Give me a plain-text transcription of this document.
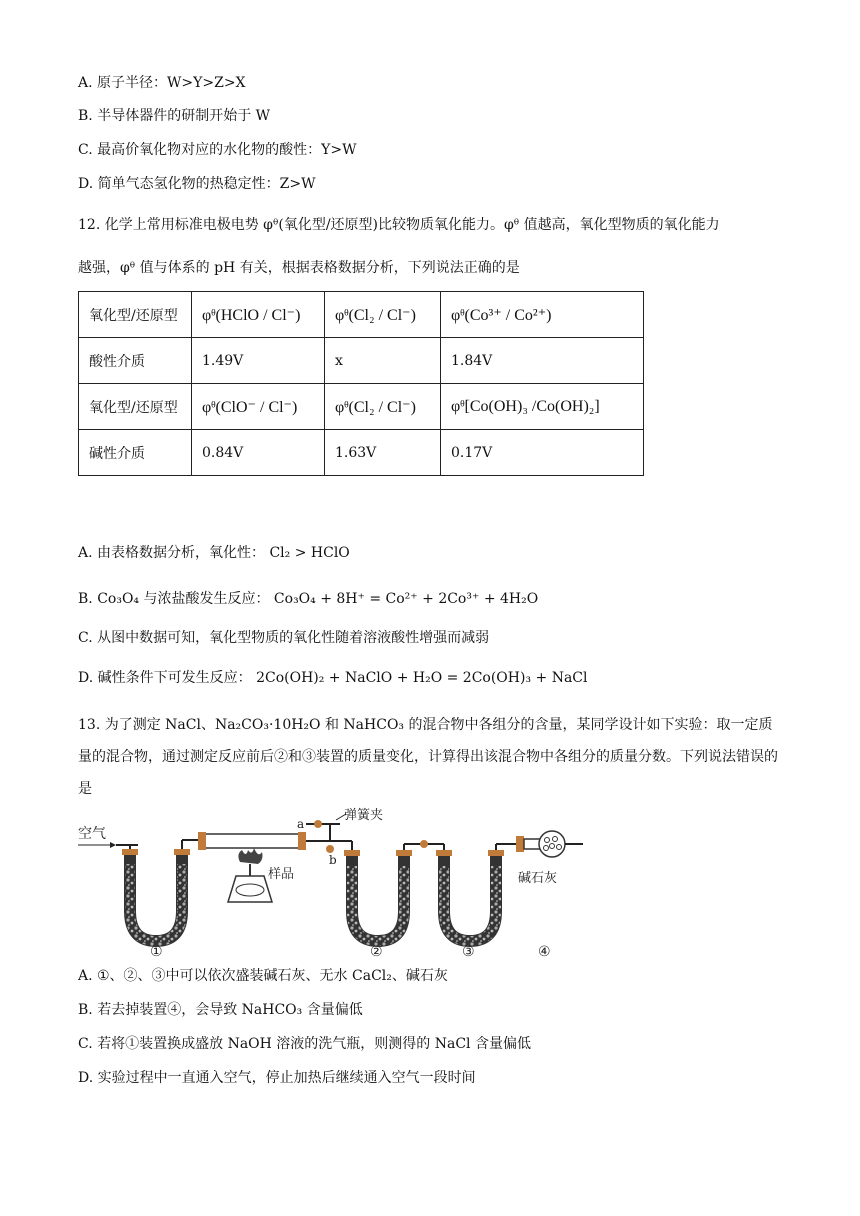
A. 原子半径：W>Y>Z>X
B. 半导体器件的研制开始于 W
C. 最高价氧化物对应的水化物的酸性：Y>W
D. 简单气态氢化物的热稳定性：Z>W
12. 化学上常用标准电极电势 φᶿ(氧化型/还原型)比较物质氧化能力。φᶿ 值越高，氧化型物质的氧化能力
越强，φᶿ 值与体系的 pH 有关，根据表格数据分析，下列说法正确的是
氧化型/还原型	φᶿ(HClO / Cl⁻)	φᶿ(Cl₂ / Cl⁻)	φᶿ(Co³⁺ / Co²⁺)
酸性介质	1.49V	x	1.84V
氧化型/还原型	φᶿ(ClO⁻ / Cl⁻)	φᶿ(Cl₂ / Cl⁻)	φᶿ[Co(OH)₃ /Co(OH)₂]
碱性介质	0.84V	1.63V	0.17V
A. 由表格数据分析，氧化性： Cl₂ > HClO
B. Co₃O₄ 与浓盐酸发生反应： Co₃O₄ + 8H⁺ = Co²⁺ + 2Co³⁺ + 4H₂O
C. 从图中数据可知，氧化型物质的氧化性随着溶液酸性增强而减弱
D. 碱性条件下可发生反应： 2Co(OH)₂ + NaClO + H₂O = 2Co(OH)₃ + NaCl
13. 为了测定 NaCl、Na₂CO₃·10H₂O 和 NaHCO₃ 的混合物中各组分的含量，某同学设计如下实验：取一定质量的混合物，通过测定反应前后②和③装置的质量变化，计算得出该混合物中各组分的质量分数。下列说法错误的是
空气
样品
a
b
弹簧夹
碱石灰
①	②	③	④
A. ①、②、③中可以依次盛装碱石灰、无水 CaCl₂、碱石灰
B. 若去掉装置④，会导致 NaHCO₃ 含量偏低
C. 若将①装置换成盛放 NaOH 溶液的洗气瓶，则测得的 NaCl 含量偏低
D. 实验过程中一直通入空气，停止加热后继续通入空气一段时间
